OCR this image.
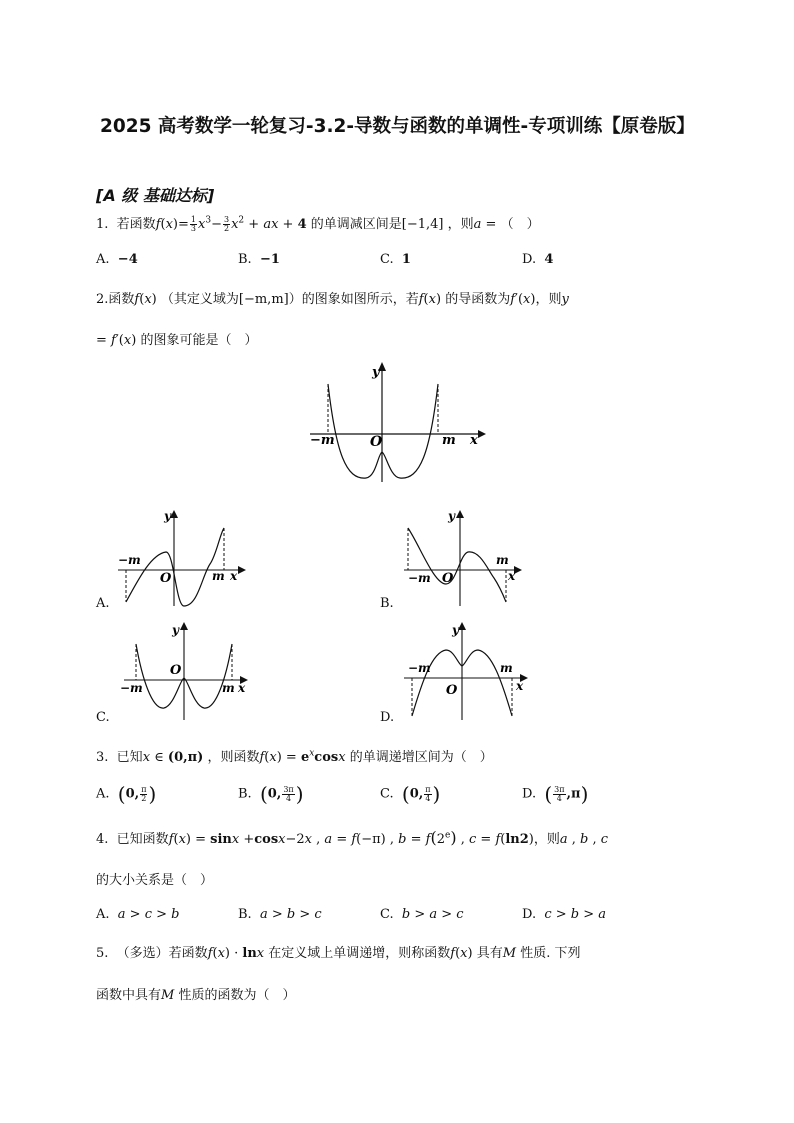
2025 高考数学一轮复习-3.2-导数与函数的单调性-专项训练【原卷版】
[A 级 基础达标]
1. 若函数$f(x)= \frac{1}{3} x^3- \frac{3}{2} x^2$ + ax + 4 的单调减区间是[−1,4] ，则a = （　）
A. −4	B. −1	C. 1	D. 4
2.函数f(x) （其定义域为[−m,m]）的图象如图所示，若f(x) 的导函数为f′(x)，则y
= f′(x) 的图象可能是（　）
y
O
−m	m x
y
−m
O	m x
A.
y
−m O
m
x
B.
y
O
−m	m x
C.
y
−m
O
m
x
D.
3. 已知x ∈ (0,π) ，则函数$f(x) = e^x\cos x$ 的单调递增区间为（　）
A. (0, $\frac{\pi}{2}$ )	B. (0, $\frac{3\pi}{4}$ )	C. (0, $\frac{\pi}{4}$ )	D. ( $\frac{3\pi}{4} ,\pi$)
4. 已知函数f(x) = sinx +cosx−2x , a = f(−π) , $b = f(2^e)$ , c = f(ln2)，则a , b , c
的大小关系是（　）
A. a > c > b	B. a > b > c	C. b > a > c	D. c > b > a
5. （多选）若函数f(x) · lnx 在定义域上单调递增，则称函数f(x) 具有M 性质. 下列
函数中具有M 性质的函数为（　）
